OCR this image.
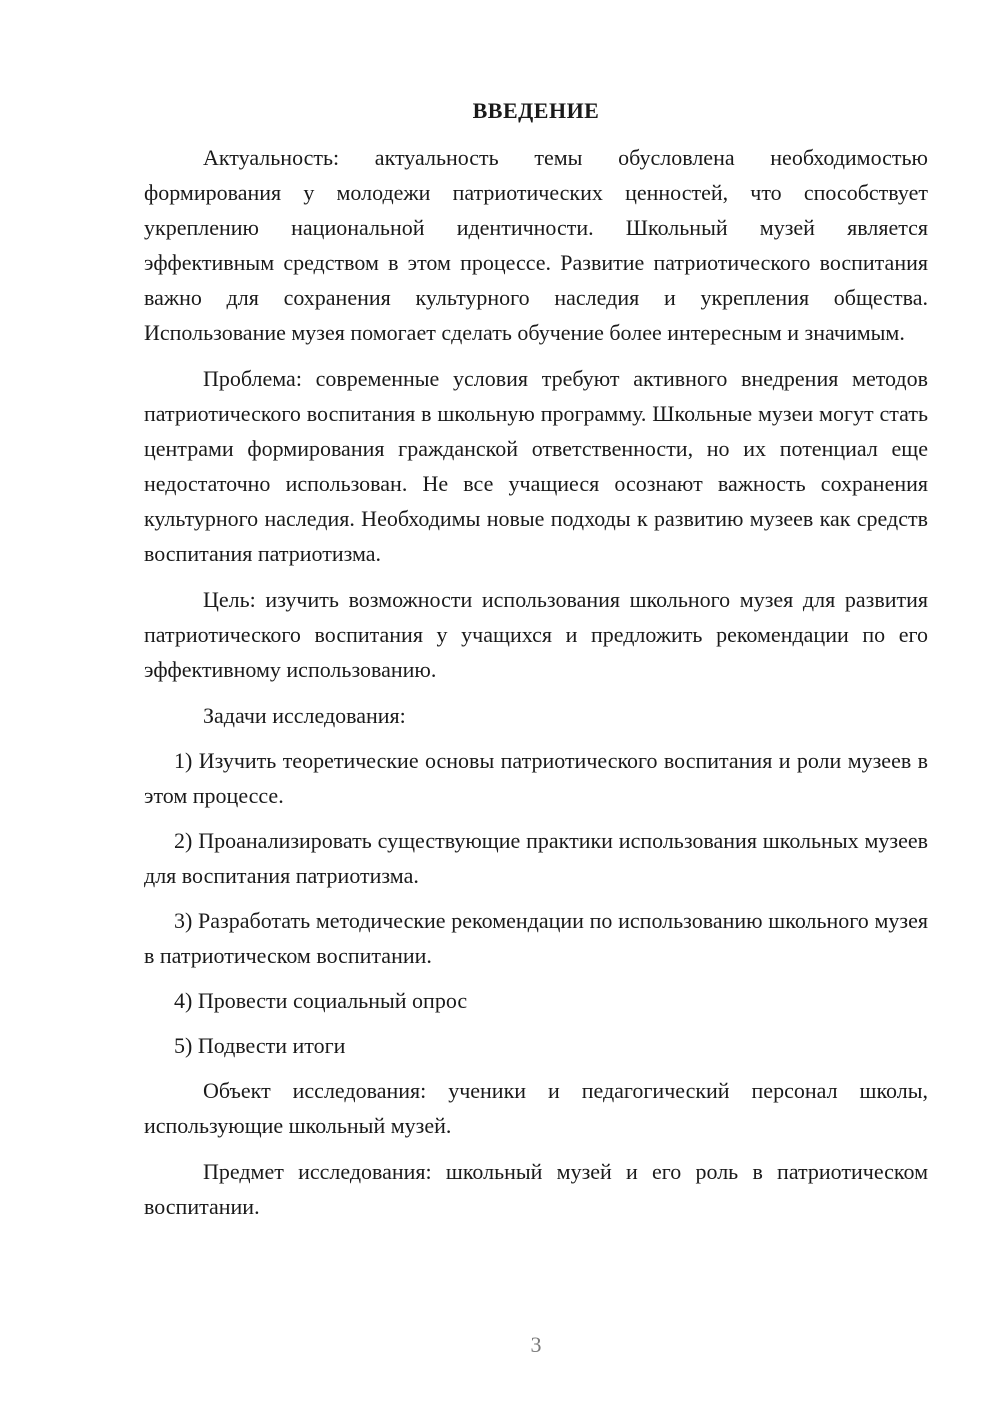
ВВЕДЕНИЕ

Актуальность: актуальность темы обусловлена необходимостью формирования у молодежи патриотических ценностей, что способствует укреплению национальной идентичности. Школьный музей является эффективным средством в этом процессе. Развитие патриотического воспитания важно для сохранения культурного наследия и укрепления общества. Использование музея помогает сделать обучение более интересным и значимым.

Проблема: современные условия требуют активного внедрения методов патриотического воспитания в школьную программу. Школьные музеи могут стать центрами формирования гражданской ответственности, но их потенциал еще недостаточно использован. Не все учащиеся осознают важность сохранения культурного наследия. Необходимы новые подходы к развитию музеев как средств воспитания патриотизма.

Цель: изучить возможности использования школьного музея для развития патриотического воспитания у учащихся и предложить рекомендации по его эффективному использованию.

Задачи исследования:

1) Изучить теоретические основы патриотического воспитания и роли музеев в этом процессе.

2) Проанализировать существующие практики использования школьных музеев для воспитания патриотизма.

3) Разработать методические рекомендации по использованию школьного музея в патриотическом воспитании.

4) Провести социальный опрос

5) Подвести итоги

Объект исследования: ученики и педагогический персонал школы, использующие школьный музей.

Предмет исследования: школьный музей и его роль в патриотическом воспитании.

3
